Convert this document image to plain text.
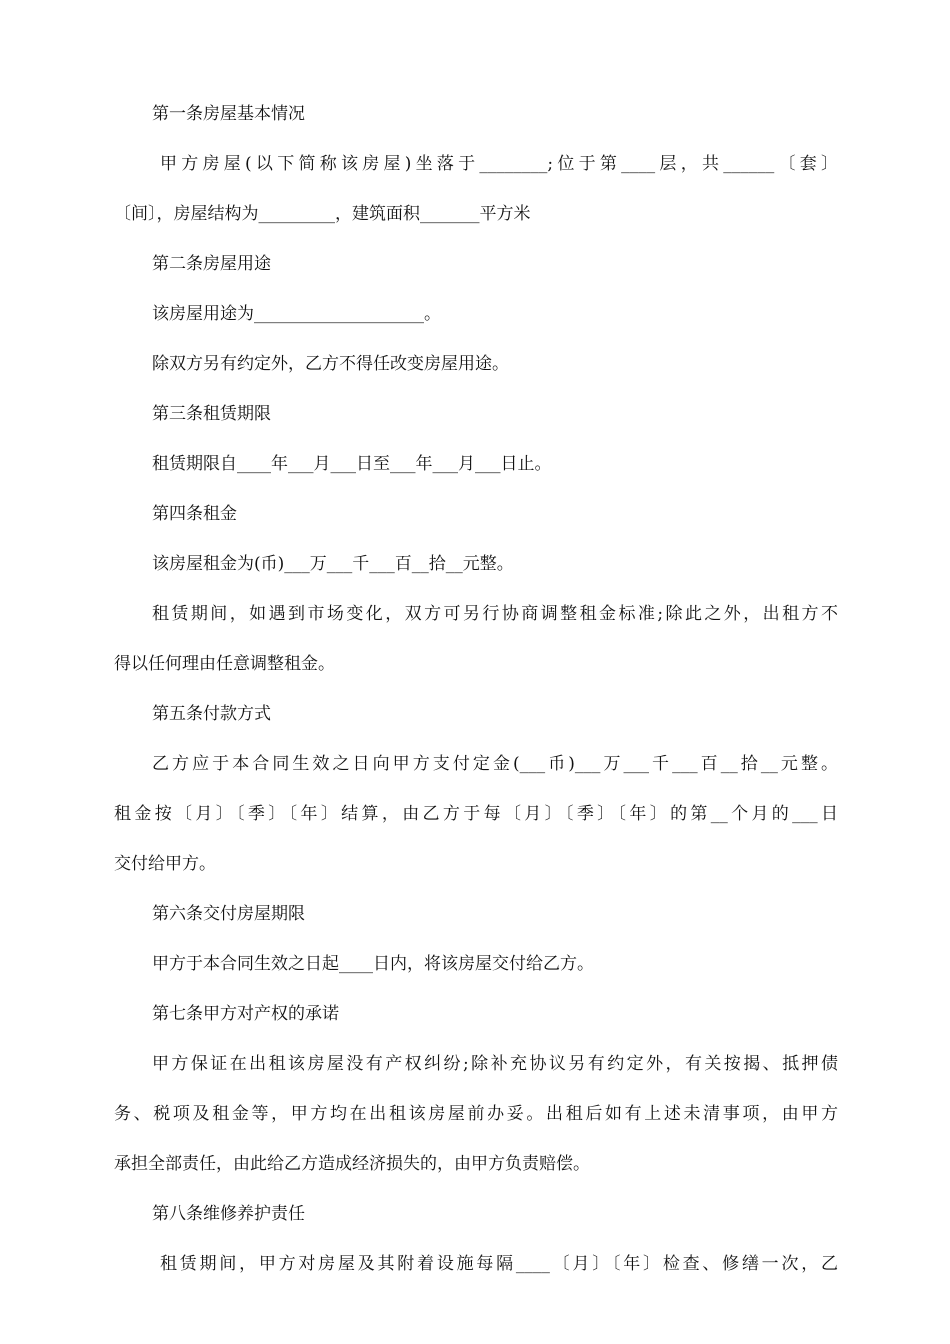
第一条房屋基本情况
甲方房屋(以下简称该房屋)坐落于________;位于第____层，共______〔套〕
〔间〕，房屋结构为_________，建筑面积_______平方米
第二条房屋用途
该房屋用途为____________________。
除双方另有约定外，乙方不得任改变房屋用途。
第三条租赁期限
租赁期限自____年___月___日至___年___月___日止。
第四条租金
该房屋租金为(币)___万___千___百__拾__元整。
租赁期间，如遇到市场变化，双方可另行协商调整租金标准;除此之外，出租方不
得以任何理由任意调整租金。
第五条付款方式
乙方应于本合同生效之日向甲方支付定金(___币)___万___千___百__拾__元整。
租金按〔月〕〔季〕〔年〕结算，由乙方于每〔月〕〔季〕〔年〕的第__个月的___日
交付给甲方。
第六条交付房屋期限
甲方于本合同生效之日起____日内，将该房屋交付给乙方。
第七条甲方对产权的承诺
甲方保证在出租该房屋没有产权纠纷;除补充协议另有约定外，有关按揭、抵押债
务、税项及租金等，甲方均在出租该房屋前办妥。出租后如有上述未清事项，由甲方
承担全部责任，由此给乙方造成经济损失的，由甲方负责赔偿。
第八条维修养护责任
租赁期间，甲方对房屋及其附着设施每隔____〔月〕〔年〕检查、修缮一次，乙
